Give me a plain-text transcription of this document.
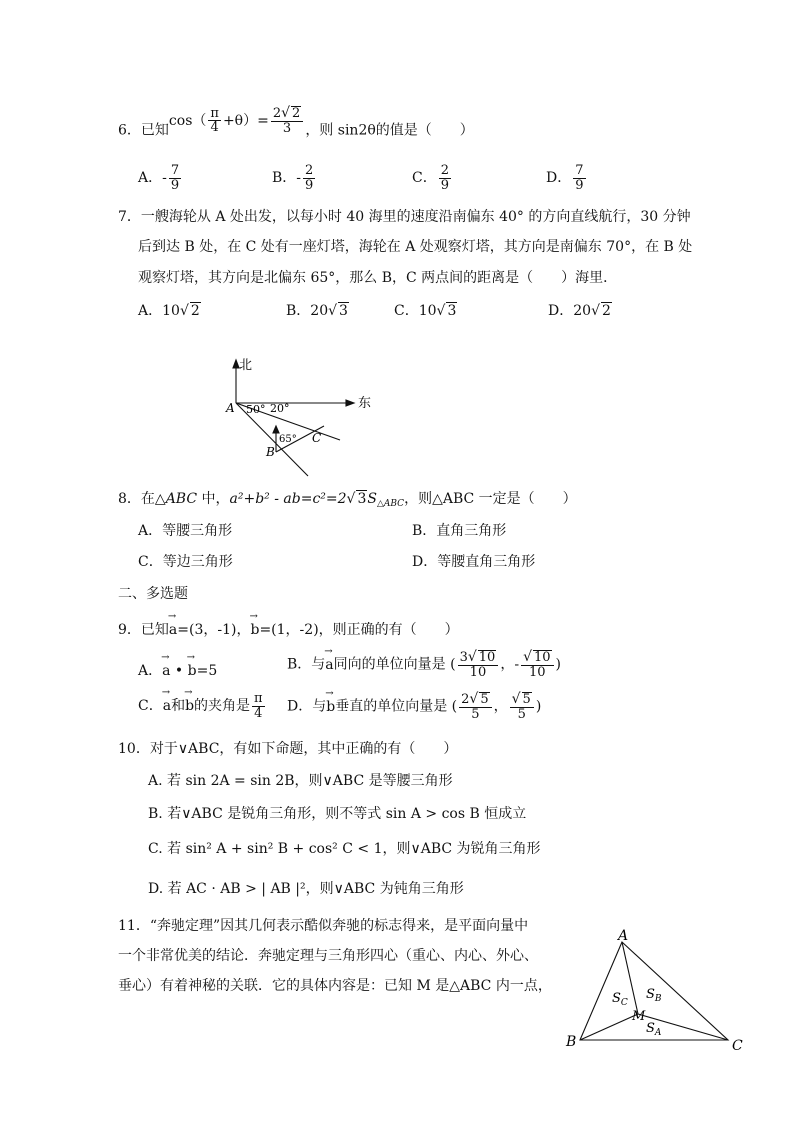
6．已知$\cos( \frac{\pi}{4} +\theta)= \frac{2√ 2}{3}$ ，则 sin2θ的值是（　　）
A．- $\frac{7}{9}$	B．- $\frac{2}{9}$	C． $\frac{2}{9}$	D． $\frac{7}{9}$
7．一艘海轮从 A 处出发，以每小时 40 海里的速度沿南偏东 40° 的方向直线航行，30 分钟
后到达 B 处，在 C 处有一座灯塔，海轮在 A 处观察灯塔，其方向是南偏东 70°，在 B 处
观察灯塔，其方向是北偏东 65°，那么 B，C 两点间的距离是（　　）海里．
A．10√ 2	B．20√ 3	C．10√ 3	D．20√ 2
北
东
A
B
C
50° 20°
65°
8．在△ABC 中，a²+b² - ab=c²=2√ $3S_{\triangle ABC}$，则△ABC 一定是（　　）
A．等腰三角形	B．直角三角形
C．等边三角形	D．等腰直角三角形
二、多选题
9．已知→ a=(3，-1)，→ b=(1，-2)，则正确的有（　　）
A．→ a • → b=5	B．与→ a同向的单位向量是 ( $\frac{3√ 10}{10}$ ，- $\frac{√ 10}{10}$ )
C．→ a和→ b的夹角是 $\frac{\pi}{4}$ D．与→ b垂直的单位向量是 ( $\frac{2√ 5}{5}$ ， $\frac{√ 5}{5}$ )
10．对于∨ABC，有如下命题，其中正确的有（　　）
A. 若 sin 2A = sin 2B，则∨ABC 是等腰三角形
B. 若∨ABC 是锐角三角形，则不等式 sin A > cos B 恒成立
C. 若 sin² A + sin² B + cos² C < 1，则∨ABC 为锐角三角形
D. 若 AC · AB > | AB |²，则∨ABC 为钝角三角形
11．“奔驰定理”因其几何表示酷似奔驰的标志得来，是平面向量中
一个非常优美的结论．奔驰定理与三角形四心（重心、内心、外心、
垂心）有着神秘的关联．它的具体内容是：已知 M 是△ABC 内一点，
A
B	C
M
$S_C$
$S_B$
$S_A$
